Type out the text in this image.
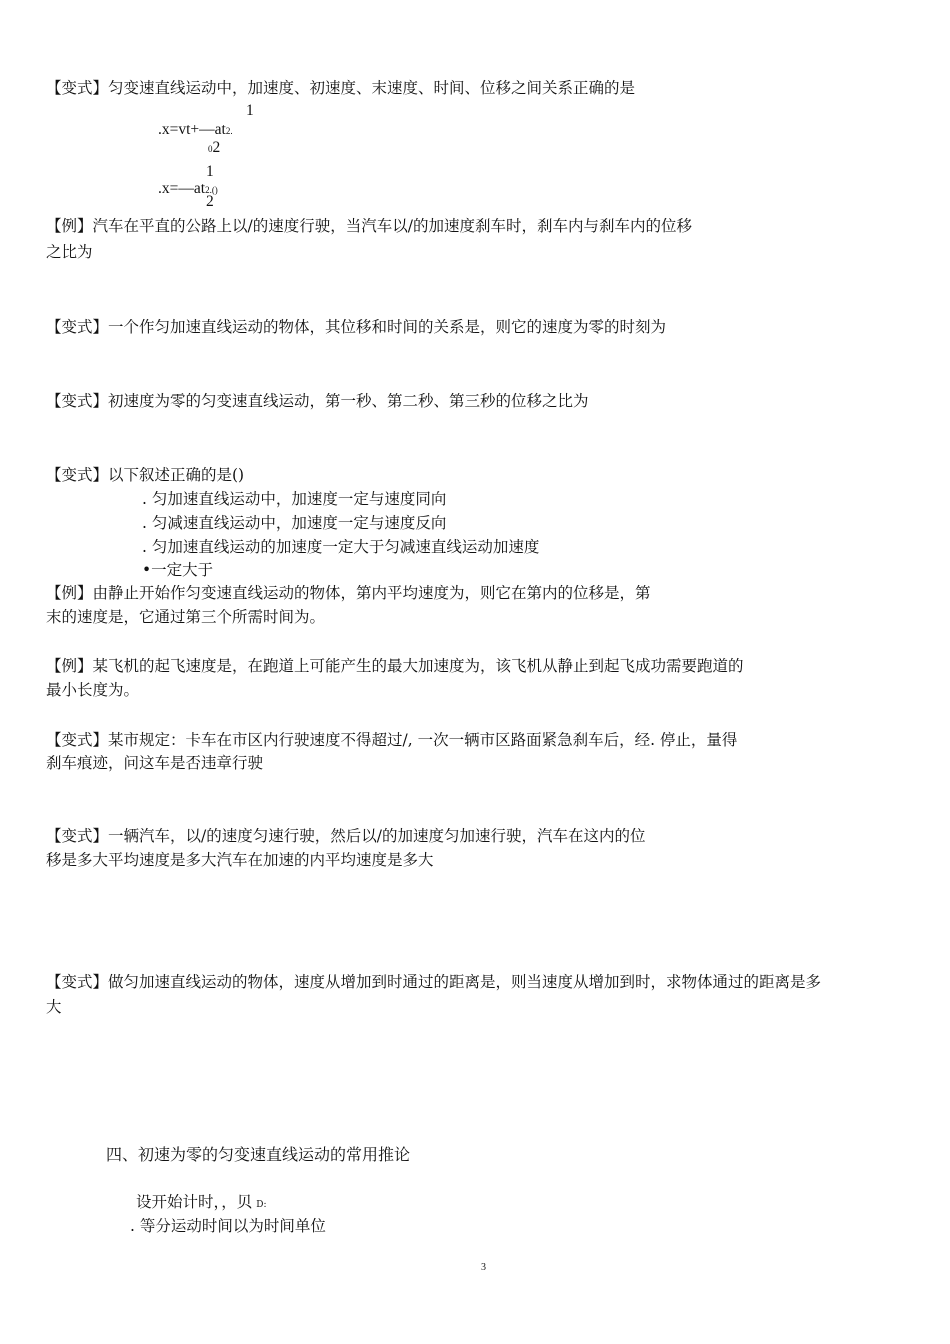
【变式】匀变速直线运动中，加速度、初速度、末速度、时间、位移之间关系正确的是
1
.x=vt+—at2.
02
1
.x=—at2.()
2
【例】汽车在平直的公路上以/的速度行驶，当汽车以/的加速度刹车时，刹车内与刹车内的位移
之比为
【变式】一个作匀加速直线运动的物体，其位移和时间的关系是，则它的速度为零的时刻为
【变式】初速度为零的匀变速直线运动，第一秒、第二秒、第三秒的位移之比为
【变式】以下叙述正确的是()
. 匀加速直线运动中，加速度一定与速度同向
. 匀减速直线运动中，加速度一定与速度反向
. 匀加速直线运动的加速度一定大于匀减速直线运动加速度
•一定大于
【例】由静止开始作匀变速直线运动的物体，第内平均速度为，则它在第内的位移是，第
末的速度是，它通过第三个所需时间为。
【例】某飞机的起飞速度是，在跑道上可能产生的最大加速度为，该飞机从静止到起飞成功需要跑道的
最小长度为。
【变式】某市规定：卡车在市区内行驶速度不得超过/, 一次一辆市区路面紧急刹车后，经. 停止，量得
刹车痕迹，问这车是否违章行驶
【变式】一辆汽车，以/的速度匀速行驶，然后以/的加速度匀加速行驶，汽车在这内的位
移是多大平均速度是多大汽车在加速的内平均速度是多大
【变式】做匀加速直线运动的物体，速度从增加到时通过的距离是，则当速度从增加到时，求物体通过的距离是多
大
四、初速为零的匀变速直线运动的常用推论
设开始计时，，贝 D:
. 等分运动时间以为时间单位
3
